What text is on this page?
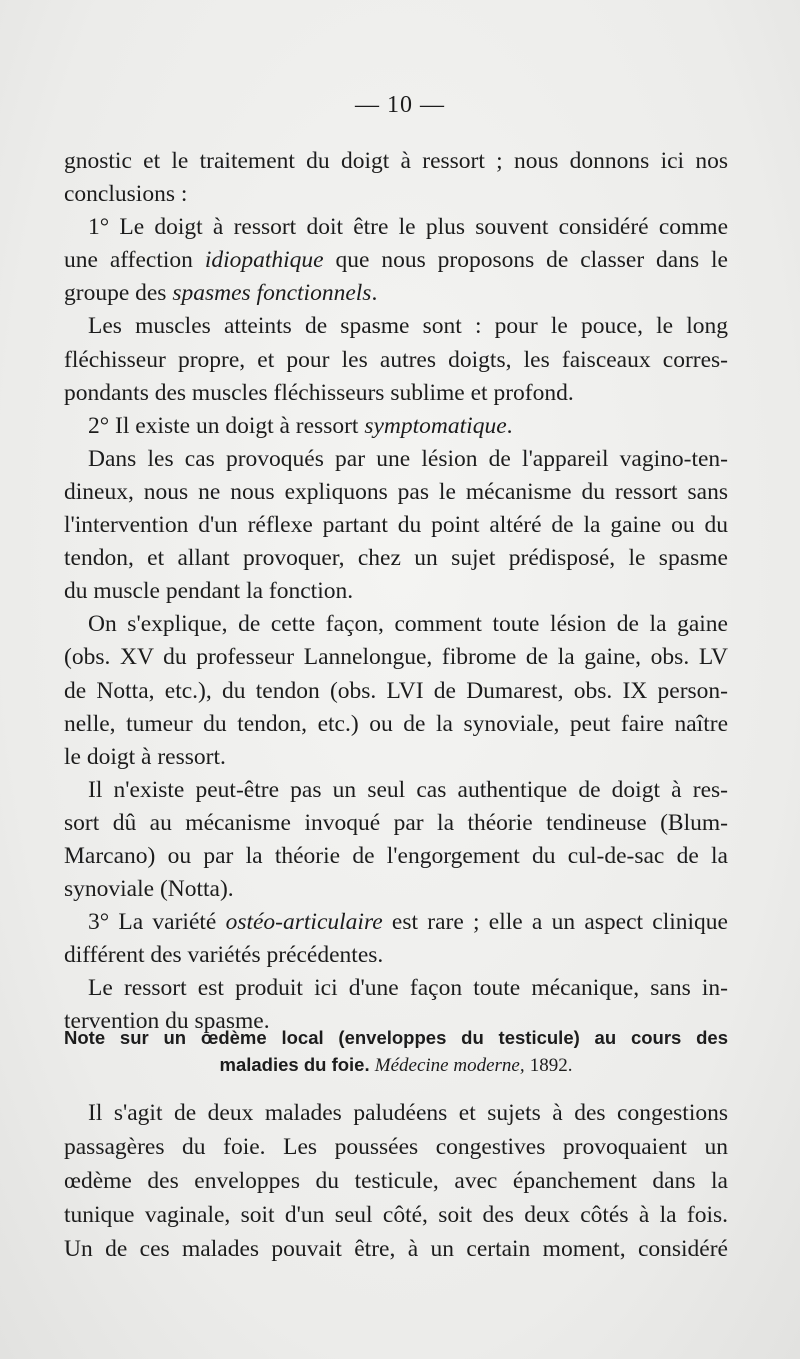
— 10 —
gnostic et le traitement du doigt à ressort ; nous donnons ici nos
conclusions :
1° Le doigt à ressort doit être le plus souvent considéré comme
une affection idiopathique que nous proposons de classer dans le
groupe des spasmes fonctionnels.
Les muscles atteints de spasme sont : pour le pouce, le long
fléchisseur propre, et pour les autres doigts, les faisceaux corres-
pondants des muscles fléchisseurs sublime et profond.
2° Il existe un doigt à ressort symptomatique.
Dans les cas provoqués par une lésion de l'appareil vagino-ten-
dineux, nous ne nous expliquons pas le mécanisme du ressort sans
l'intervention d'un réflexe partant du point altéré de la gaine ou du
tendon, et allant provoquer, chez un sujet prédisposé, le spasme
du muscle pendant la fonction.
On s'explique, de cette façon, comment toute lésion de la gaine
(obs. XV du professeur Lannelongue, fibrome de la gaine, obs. LV
de Notta, etc.), du tendon (obs. LVI de Dumarest, obs. IX person-
nelle, tumeur du tendon, etc.) ou de la synoviale, peut faire naître
le doigt à ressort.
Il n'existe peut-être pas un seul cas authentique de doigt à res-
sort dû au mécanisme invoqué par la théorie tendineuse (Blum-
Marcano) ou par la théorie de l'engorgement du cul-de-sac de la
synoviale (Notta).
3° La variété ostéo-articulaire est rare ; elle a un aspect clinique
différent des variétés précédentes.
Le ressort est produit ici d'une façon toute mécanique, sans in-
tervention du spasme.
Note sur un œdème local (enveloppes du testicule) au cours des
maladies du foie. Médecine moderne, 1892.
Il s'agit de deux malades paludéens et sujets à des congestions
passagères du foie. Les poussées congestives provoquaient un
œdème des enveloppes du testicule, avec épanchement dans la
tunique vaginale, soit d'un seul côté, soit des deux côtés à la fois.
Un de ces malades pouvait être, à un certain moment, considéré
